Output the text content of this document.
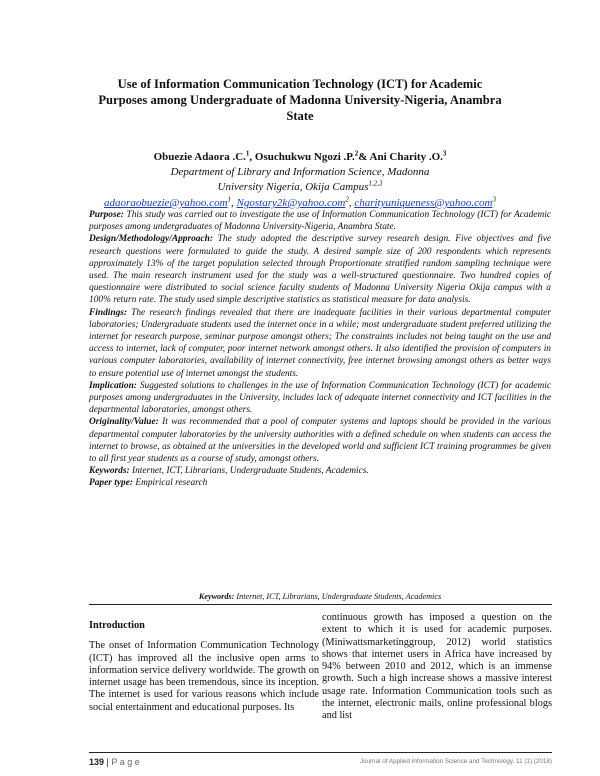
Use of Information Communication Technology (ICT) for Academic Purposes among Undergraduate of Madonna University-Nigeria, Anambra State
Obuezie Adaora .C.$^1$, Osuchukwu Ngozi .P.$^2$& Ani Charity .O.$^3$
Department of Library and Information Science, Madonna
University Nigeria, Okija Campus$^{1,2,3}$
adaoraobuezie@yahoo.com$^1$, Ngostary2k@yahoo.com$^2$, charityuniqueness@yahoo.com$^3$

Purpose: This study was carried out to investigate the use of Information Communication Technology (ICT) for Academic purposes among undergraduates of Madonna University-Nigeria, Anambra State.

Design/Methodology/Approach: The study adopted the descriptive survey research design. Five objectives and five research questions were formulated to guide the study. A desired sample size of 200 respondents which represents approximately 13% of the target population selected through Proportionate stratified random sampling technique were used. The main research instrument used for the study was a well-structured questionnaire. Two hundred copies of questionnaire were distributed to social science faculty students of Madonna University Nigeria Okija campus with a 100% return rate. The study used simple descriptive statistics as statistical measure for data analysis.

Findings: The research findings revealed that there are inadequate facilities in their various departmental computer laboratories; Undergraduate students used the internet once in a while; most undergraduate student preferred utilizing the internet for research purpose, seminar purpose amongst others; The constraints includes not being taught on the use and access to internet, lack of computer, poor internet network amongst others. It also identified the provision of computers in various computer laboratories, availability of internet connectivity, free internet browsing amongst others as better ways to ensure potential use of internet amongst the students.

Implication: Suggested solutions to challenges in the use of Information Communication Technology (ICT) for academic purposes among undergraduates in the University, includes lack of adequate internet connectivity and ICT facilities in the departmental laboratories, amongst others.

Originality/Value: It was recommended that a pool of computer systems and laptops should be provided in the various departmental computer laboratories by the university authorities with a defined schedule on when students can access the internet to browse, as obtained at the universities in the developed world and sufficient ICT training programmes be given to all first year students as a course of study, amongst others.

Keywords: Internet, ICT, Librarians, Undergraduate Students, Academics.

Paper type: Empirical research

Keywords: Internet, ICT, Librarians, Undergraduate Students, Academics
Introduction

The onset of Information Communication Technology (ICT) has improved all the inclusive open arms to information service delivery worldwide. The growth on internet usage has been tremendous, since its inception. The internet is used for various reasons which include social entertainment and educational purposes. Its

continuous growth has imposed a question on the extent to which it is used for academic purposes. (Miniwattsmarketinggroup, 2012) world statistics shows that internet users in Africa have increased by 94% between 2010 and 2012, which is an immense growth. Such a high increase shows a massive interest usage rate. Information Communication tools such as the internet, electronic mails, online professional blogs and list

139 | P a g e	Journal of Applied Information Science and Technology, 11 (1) (2018)
